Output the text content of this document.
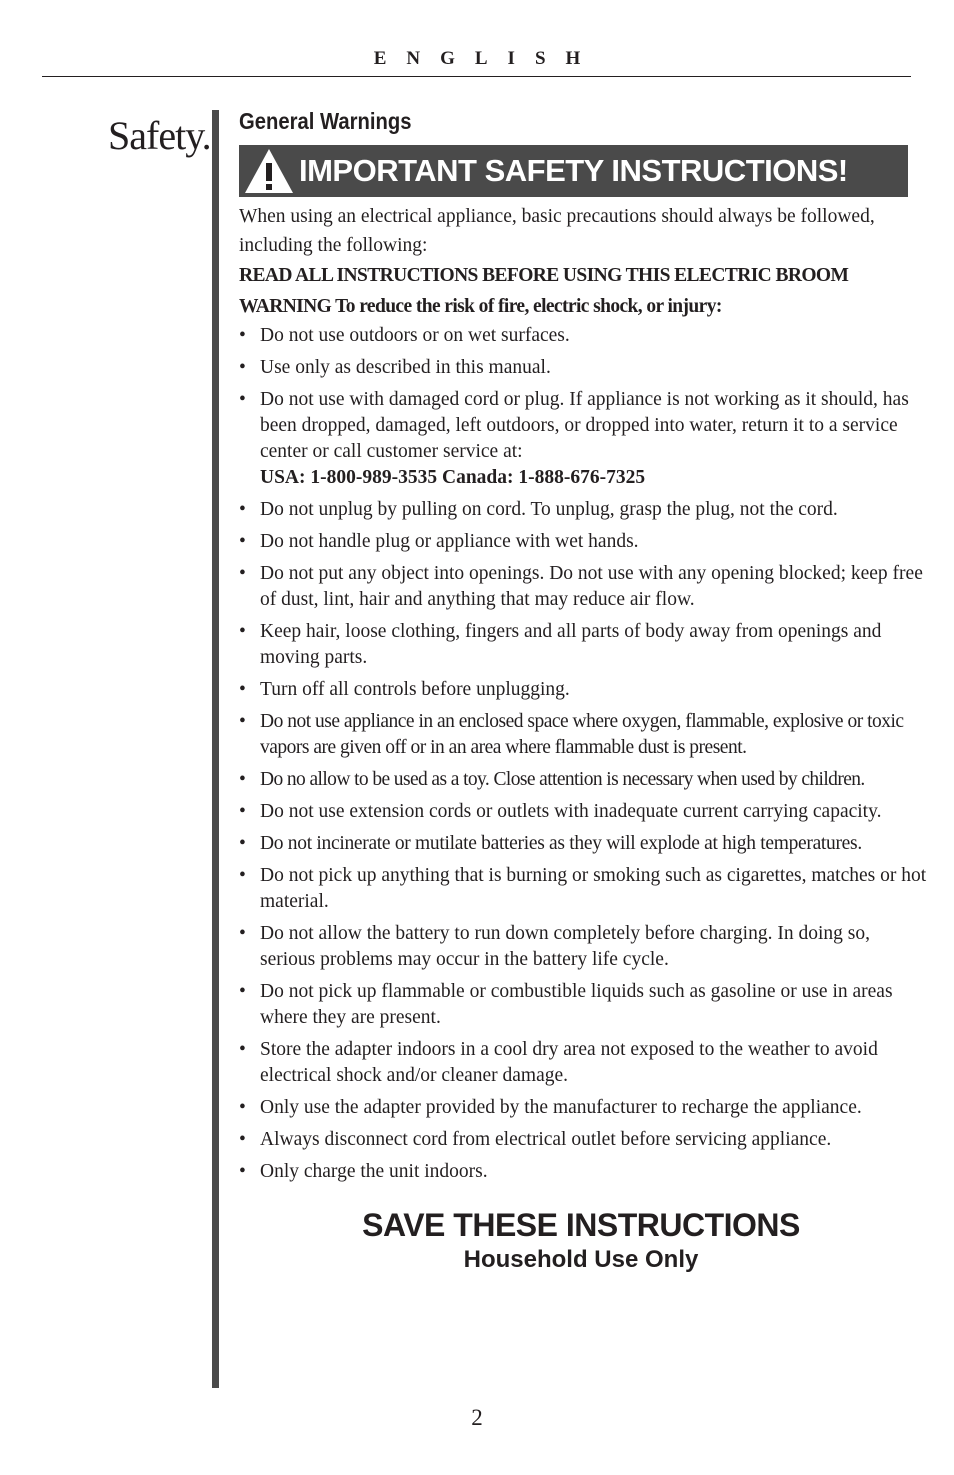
ENGLISH
Safety. General Warnings
IMPORTANT SAFETY INSTRUCTIONS!

When using an electrical appliance, basic precautions should always be followed, including the following:

READ ALL INSTRUCTIONS BEFORE USING THIS ELECTRIC BROOM

WARNING To reduce the risk of fire, electric shock, or injury:

• Do not use outdoors or on wet surfaces.
• Use only as described in this manual.
• Do not use with damaged cord or plug. If appliance is not working as it should, has been dropped, damaged, left outdoors, or dropped into water, return it to a service center or call customer service at:
USA: 1-800-989-3535 Canada: 1-888-676-7325
• Do not unplug by pulling on cord. To unplug, grasp the plug, not the cord.
• Do not handle plug or appliance with wet hands.
• Do not put any object into openings. Do not use with any opening blocked; keep free of dust, lint, hair and anything that may reduce air flow.
• Keep hair, loose clothing, fingers and all parts of body away from openings and moving parts.
• Turn off all controls before unplugging.
• Do not use appliance in an enclosed space where oxygen, flammable, explosive or toxic vapors are given off or in an area where flammable dust is present.
• Do no allow to be used as a toy. Close attention is necessary when used by children.
• Do not use extension cords or outlets with inadequate current carrying capacity.
• Do not incinerate or mutilate batteries as they will explode at high temperatures.
• Do not pick up anything that is burning or smoking such as cigarettes, matches or hot material.
• Do not allow the battery to run down completely before charging. In doing so, serious problems may occur in the battery life cycle.
• Do not pick up flammable or combustible liquids such as gasoline or use in areas where they are present.
• Store the adapter indoors in a cool dry area not exposed to the weather to avoid electrical shock and/or cleaner damage.
• Only use the adapter provided by the manufacturer to recharge the appliance.
• Always disconnect cord from electrical outlet before servicing appliance.
• Only charge the unit indoors.
SAVE THESE INSTRUCTIONS
Household Use Only
2
